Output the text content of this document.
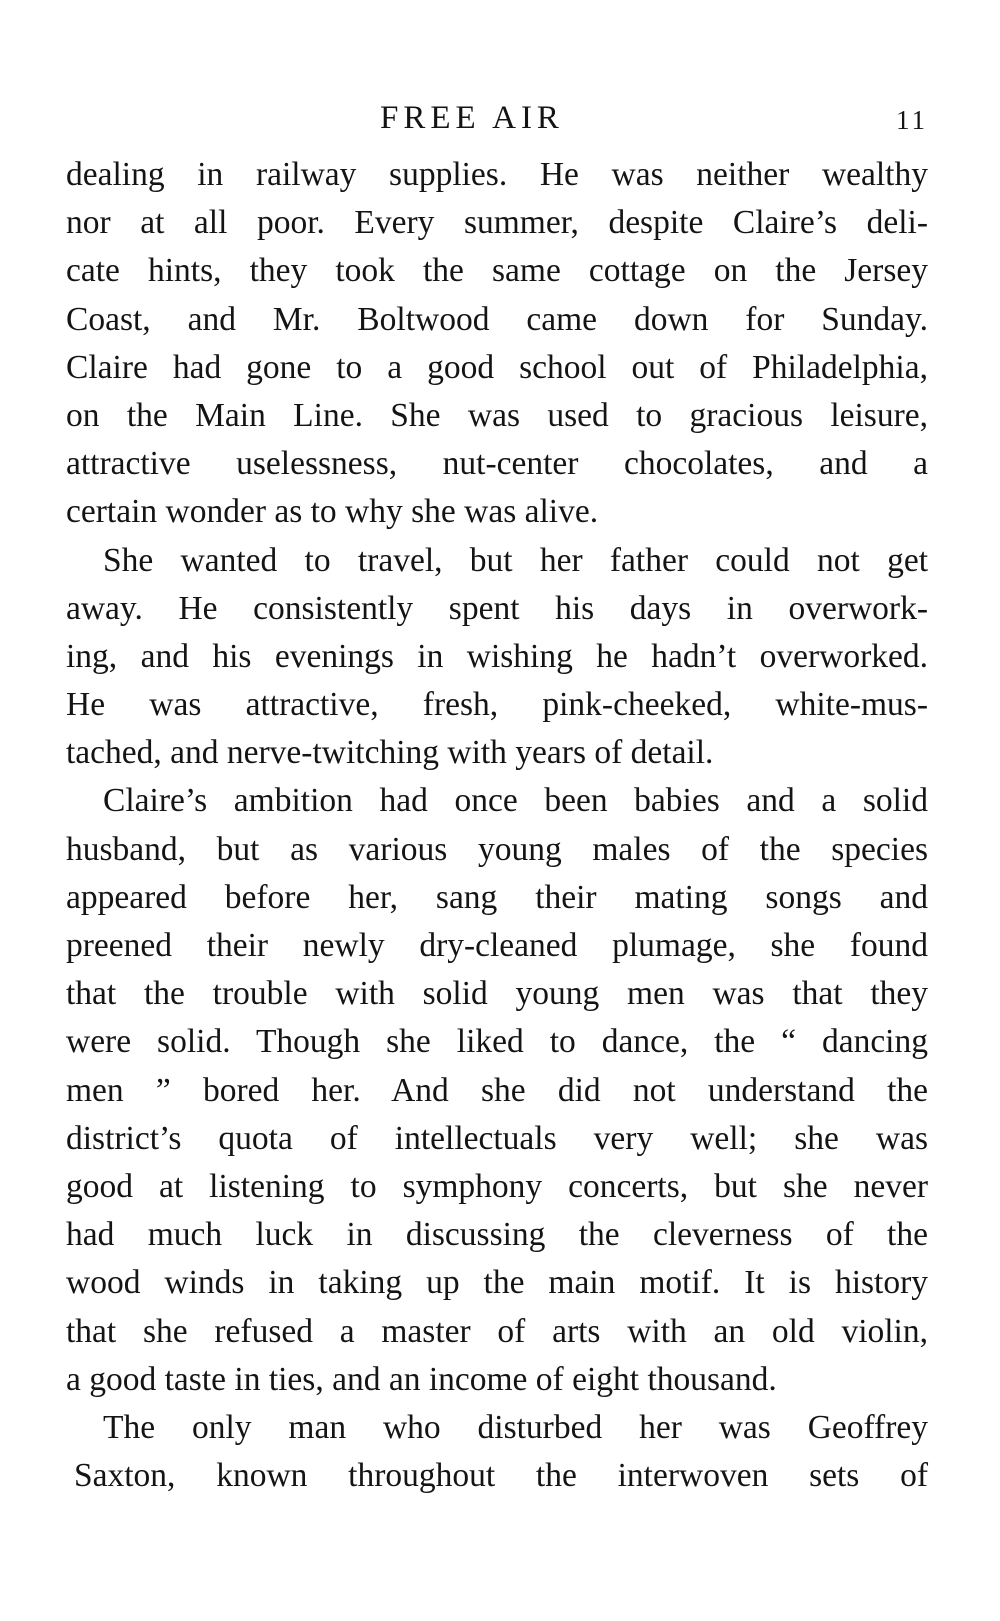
FREE AIR	11
dealing in railway supplies. He was neither wealthy
nor at all poor. Every summer, despite Claire’s deli-
cate hints, they took the same cottage on the Jersey
Coast, and Mr. Boltwood came down for Sunday.
Claire had gone to a good school out of Philadelphia,
on the Main Line. She was used to gracious leisure,
attractive uselessness, nut-center chocolates, and a
certain wonder as to why she was alive.
She wanted to travel, but her father could not get
away. He consistently spent his days in overwork-
ing, and his evenings in wishing he hadn’t overworked.
He was attractive, fresh, pink-cheeked, white-mus-
tached, and nerve-twitching with years of detail.
Claire’s ambition had once been babies and a solid
husband, but as various young males of the species
appeared before her, sang their mating songs and
preened their newly dry-cleaned plumage, she found
that the trouble with solid young men was that they
were solid. Though she liked to dance, the “ dancing
men ” bored her. And she did not understand the
district’s quota of intellectuals very well; she was
good at listening to symphony concerts, but she never
had much luck in discussing the cleverness of the
wood winds in taking up the main motif. It is history
that she refused a master of arts with an old violin,
a good taste in ties, and an income of eight thousand.
The only man who disturbed her was Geoffrey
Saxton, known throughout the interwoven sets of
